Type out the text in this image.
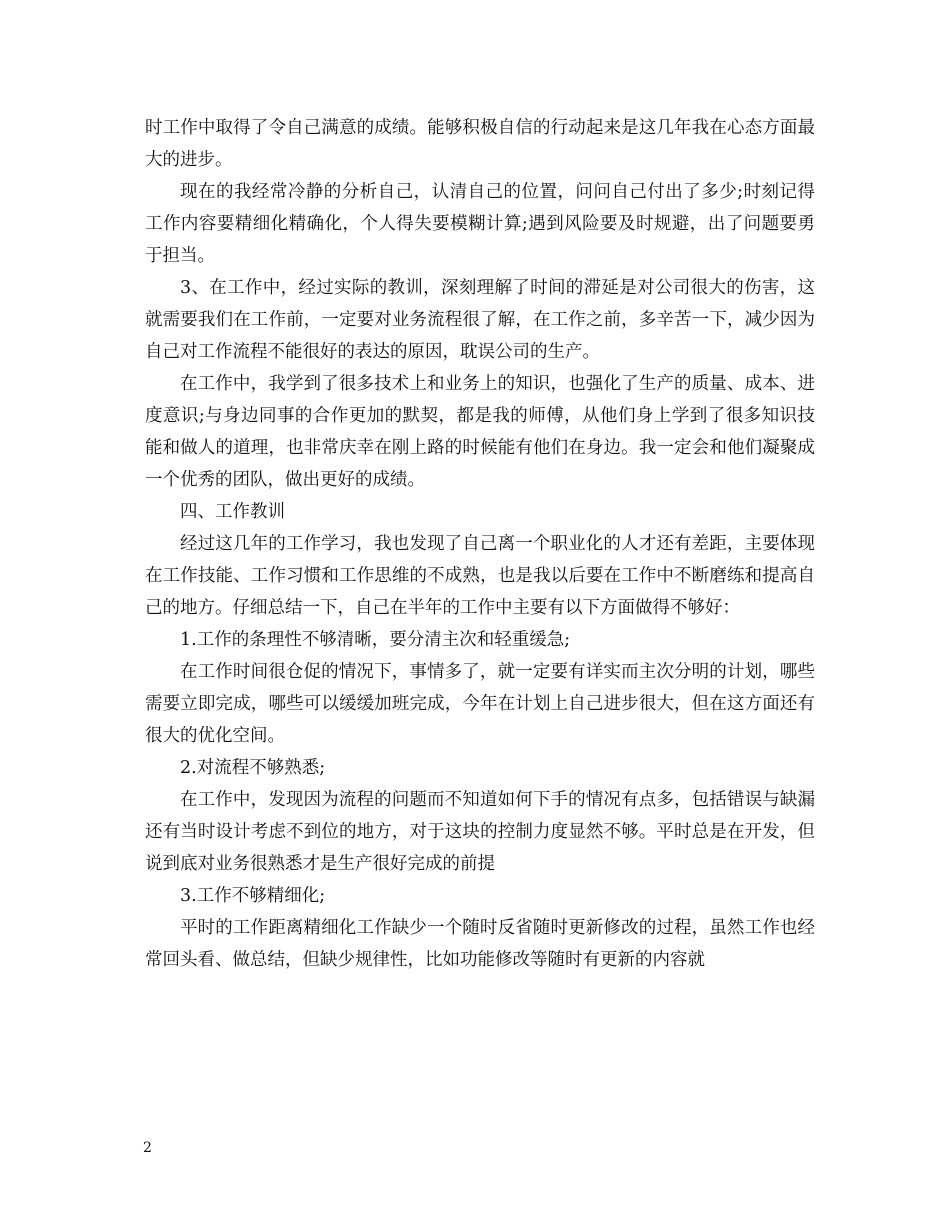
时工作中取得了令自己满意的成绩。能够积极自信的行动起来是这几年我在心态方面最大的进步。

现在的我经常冷静的分析自己，认清自己的位置，问问自己付出了多少;时刻记得工作内容要精细化精确化，个人得失要模糊计算;遇到风险要及时规避，出了问题要勇于担当。

3、在工作中，经过实际的教训，深刻理解了时间的滞延是对公司很大的伤害，这就需要我们在工作前，一定要对业务流程很了解，在工作之前，多辛苦一下，减少因为自己对工作流程不能很好的表达的原因，耽误公司的生产。

在工作中，我学到了很多技术上和业务上的知识，也强化了生产的质量、成本、进度意识;与身边同事的合作更加的默契，都是我的师傅，从他们身上学到了很多知识技能和做人的道理，也非常庆幸在刚上路的时候能有他们在身边。我一定会和他们凝聚成一个优秀的团队，做出更好的成绩。

四、工作教训

经过这几年的工作学习，我也发现了自己离一个职业化的人才还有差距，主要体现在工作技能、工作习惯和工作思维的不成熟，也是我以后要在工作中不断磨练和提高自己的地方。仔细总结一下，自己在半年的工作中主要有以下方面做得不够好：

1.工作的条理性不够清晰，要分清主次和轻重缓急;

在工作时间很仓促的情况下，事情多了，就一定要有详实而主次分明的计划，哪些需要立即完成，哪些可以缓缓加班完成，今年在计划上自己进步很大，但在这方面还有很大的优化空间。

2.对流程不够熟悉;

在工作中，发现因为流程的问题而不知道如何下手的情况有点多，包括错误与缺漏还有当时设计考虑不到位的地方，对于这块的控制力度显然不够。平时总是在开发，但说到底对业务很熟悉才是生产很好完成的前提

3.工作不够精细化;

平时的工作距离精细化工作缺少一个随时反省随时更新修改的过程，虽然工作也经常回头看、做总结，但缺少规律性，比如功能修改等随时有更新的内容就

2
